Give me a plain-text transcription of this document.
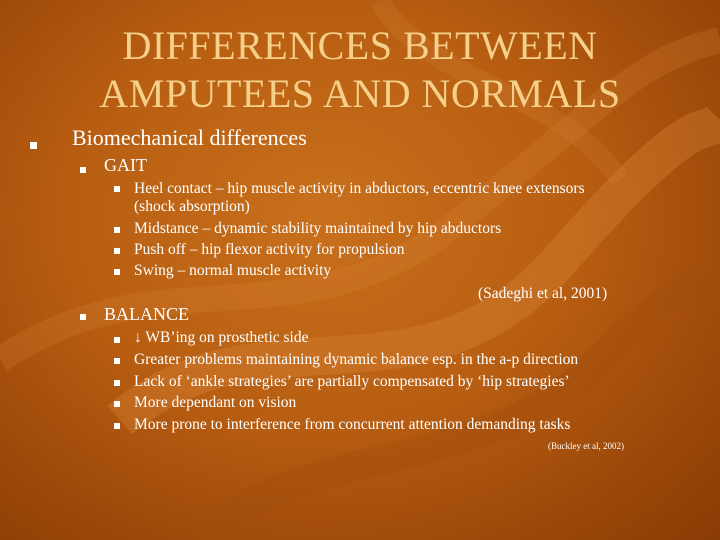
DIFFERENCES BETWEEN
AMPUTEES AND NORMALS
Biomechanical differences
GAIT
Heel contact – hip muscle activity in abductors, eccentric knee extensors
(shock absorption)
Midstance – dynamic stability maintained by hip abductors
Push off – hip flexor activity for propulsion
Swing – normal muscle activity
(Sadeghi et al, 2001)
BALANCE
↓ WB’ing on prosthetic side
Greater problems maintaining dynamic balance esp. in the a-p direction
Lack of ‘ankle strategies’ are partially compensated by ‘hip strategies’
More dependant on vision
More prone to interference from concurrent attention demanding tasks
(Buckley et al, 2002)
